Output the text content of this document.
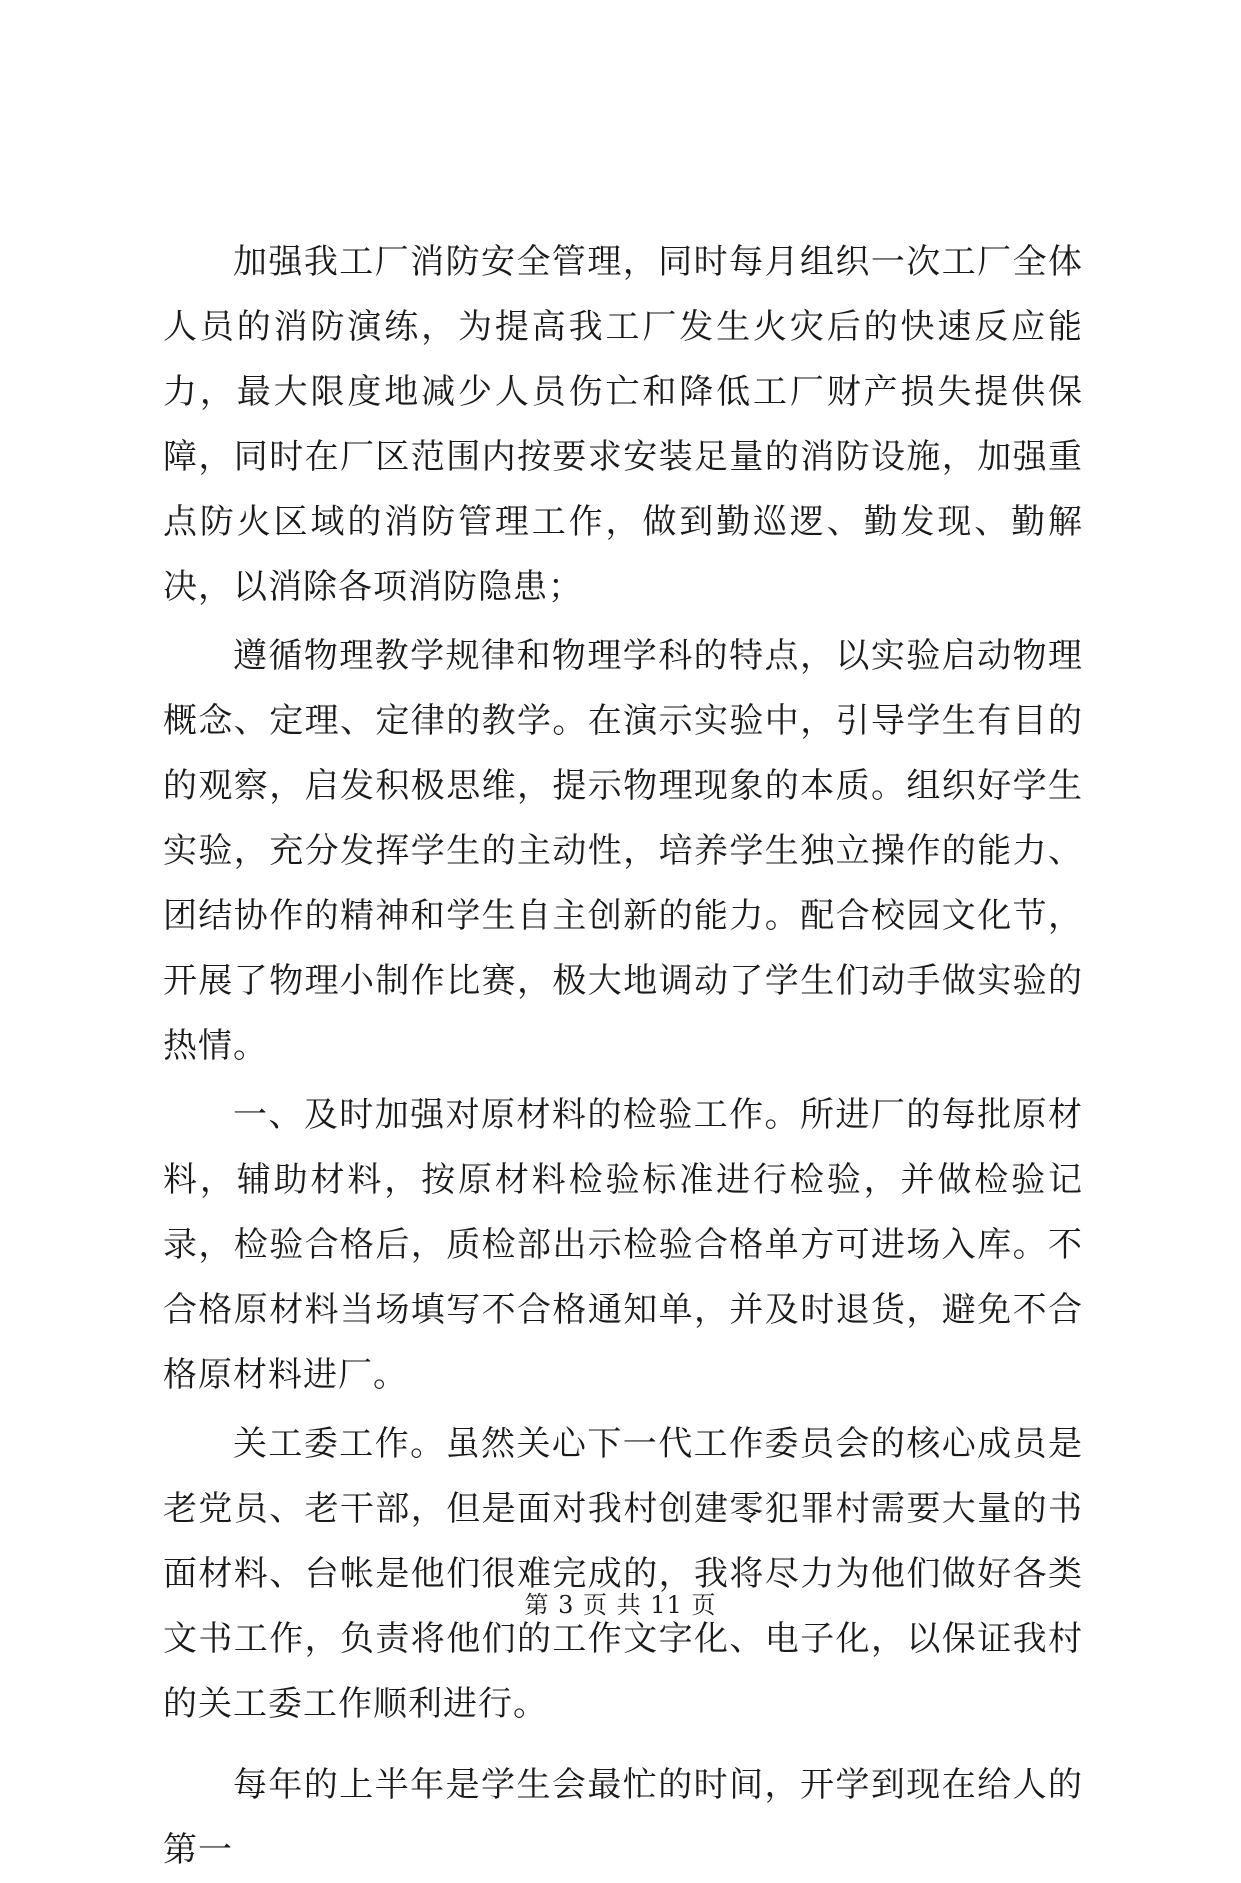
加强我工厂消防安全管理，同时每月组织一次工厂全体人员的消防演练，为提高我工厂发生火灾后的快速反应能力，最大限度地减少人员伤亡和降低工厂财产损失提供保障，同时在厂区范围内按要求安装足量的消防设施，加强重点防火区域的消防管理工作，做到勤巡逻、勤发现、勤解决，以消除各项消防隐患；

遵循物理教学规律和物理学科的特点，以实验启动物理概念、定理、定律的教学。在演示实验中，引导学生有目的的观察，启发积极思维，提示物理现象的本质。组织好学生实验，充分发挥学生的主动性，培养学生独立操作的能力、团结协作的精神和学生自主创新的能力。配合校园文化节，开展了物理小制作比赛，极大地调动了学生们动手做实验的热情。

一、及时加强对原材料的检验工作。所进厂的每批原材料，辅助材料，按原材料检验标准进行检验，并做检验记录，检验合格后，质检部出示检验合格单方可进场入库。不合格原材料当场填写不合格通知单，并及时退货，避免不合格原材料进厂。

关工委工作。虽然关心下一代工作委员会的核心成员是老党员、老干部，但是面对我村创建零犯罪村需要大量的书面材料、台帐是他们很难完成的，我将尽力为他们做好各类文书工作，负责将他们的工作文字化、电子化，以保证我村的关工委工作顺利进行。

每年的上半年是学生会最忙的时间，开学到现在给人的第一

第 3 页 共 11 页
